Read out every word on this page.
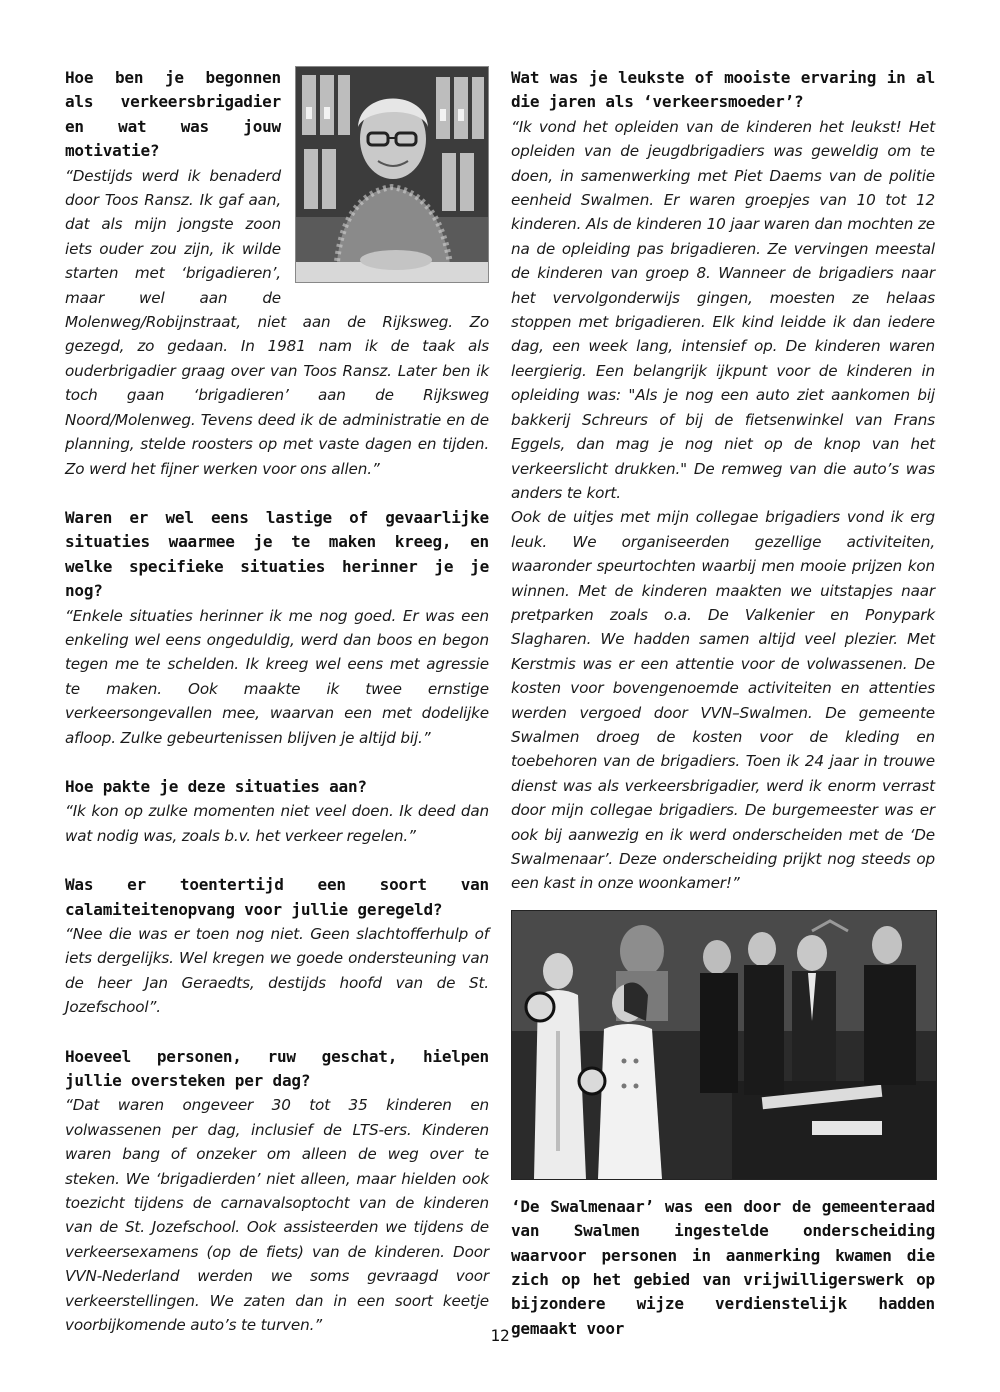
Hoe ben je begonnen als verkeersbrigadier en wat was jouw motivatie?

“Destijds werd ik benaderd door Toos Ransz. Ik gaf aan, dat als mijn jongste zoon iets ouder zou zijn, ik wilde starten met ‘brigadieren’, maar wel aan de Molenweg/Robijnstraat, niet aan de Rijksweg. Zo gezegd, zo gedaan. In 1981 nam ik de taak als ouderbrigadier graag over van Toos Ransz. Later ben ik toch gaan ‘brigadieren’ aan de Rijksweg Noord/Molenweg. Tevens deed ik de administratie en de planning, stelde roosters op met vaste dagen en tijden. Zo werd het fijner werken voor ons allen.”

Waren er wel eens lastige of gevaarlijke situaties waarmee je te maken kreeg, en welke specifieke situaties herinner je je nog?

“Enkele situaties herinner ik me nog goed. Er was een enkeling wel eens ongeduldig, werd dan boos en begon tegen me te schelden. Ik kreeg wel eens met agressie te maken. Ook maakte ik twee ernstige verkeersongevallen mee, waarvan een met dodelijke afloop. Zulke gebeurtenissen blijven je altijd bij.”

Hoe pakte je deze situaties aan?

“Ik kon op zulke momenten niet veel doen. Ik deed dan wat nodig was, zoals b.v. het verkeer regelen.”

Was er toentertijd een soort van calamiteitenopvang voor jullie geregeld?

“Nee die was er toen nog niet. Geen slachtofferhulp of iets dergelijks. Wel kregen we goede ondersteuning van de heer Jan Geraedts, destijds hoofd van de St. Jozefschool”.

Hoeveel personen, ruw geschat, hielpen jullie oversteken per dag?

“Dat waren ongeveer 30 tot 35 kinderen en volwassenen per dag, inclusief de LTS-ers. Kinderen waren bang of onzeker om alleen de weg over te steken. We ‘brigadierden’ niet alleen, maar hielden ook toezicht tijdens de carnavalsoptocht van de kinderen van de St. Jozefschool. Ook assisteerden we tijdens de verkeersexamens (op de fiets) van de kinderen. Door VVN-Nederland werden we soms gevraagd voor verkeerstellingen. We zaten dan in een soort keetje voorbijkomende auto’s te turven.”

Wat was je leukste of mooiste ervaring in al die jaren als ‘verkeersmoeder’?

“Ik vond het opleiden van de kinderen het leukst! Het opleiden van de jeugdbrigadiers was geweldig om te doen, in samenwerking met Piet Daems van de politie eenheid Swalmen. Er waren groepjes van 10 tot 12 kinderen. Als de kinderen 10 jaar waren dan mochten ze na de opleiding pas brigadieren. Ze vervingen meestal de kinderen van groep 8. Wanneer de brigadiers naar het vervolgonderwijs gingen, moesten ze helaas stoppen met brigadieren. Elk kind leidde ik dan iedere dag, een week lang, intensief op. De kinderen waren leergierig. Een belangrijk ijkpunt voor de kinderen in opleiding was: "Als je nog een auto ziet aankomen bij bakkerij Schreurs of bij de fietsenwinkel van Frans Eggels, dan mag je nog niet op de knop van het verkeerslicht drukken." De remweg van die auto’s was anders te kort.

Ook de uitjes met mijn collegae brigadiers vond ik erg leuk. We organiseerden gezellige activiteiten, waaronder speurtochten waarbij men mooie prijzen kon winnen. Met de kinderen maakten we uitstapjes naar pretparken zoals o.a. De Valkenier en Ponypark Slagharen. We hadden samen altijd veel plezier. Met Kerstmis was er een attentie voor de volwassenen. De kosten voor bovengenoemde activiteiten en attenties werden vergoed door VVN–Swalmen. De gemeente Swalmen droeg de kosten voor de kleding en toebehoren van de brigadiers. Toen ik 24 jaar in trouwe dienst was als verkeersbrigadier, werd ik enorm verrast door mijn collegae brigadiers. De burgemeester was er ook bij aanwezig en ik werd onderscheiden met de ‘De Swalmenaar’. Deze onderscheiding prijkt nog steeds op een kast in onze woonkamer!”

‘De Swalmenaar’ was een door de gemeenteraad van Swalmen ingestelde onderscheiding waarvoor personen in aanmerking kwamen die zich op het gebied van vrijwilligerswerk op bijzondere wijze verdienstelijk hadden gemaakt voor
12
